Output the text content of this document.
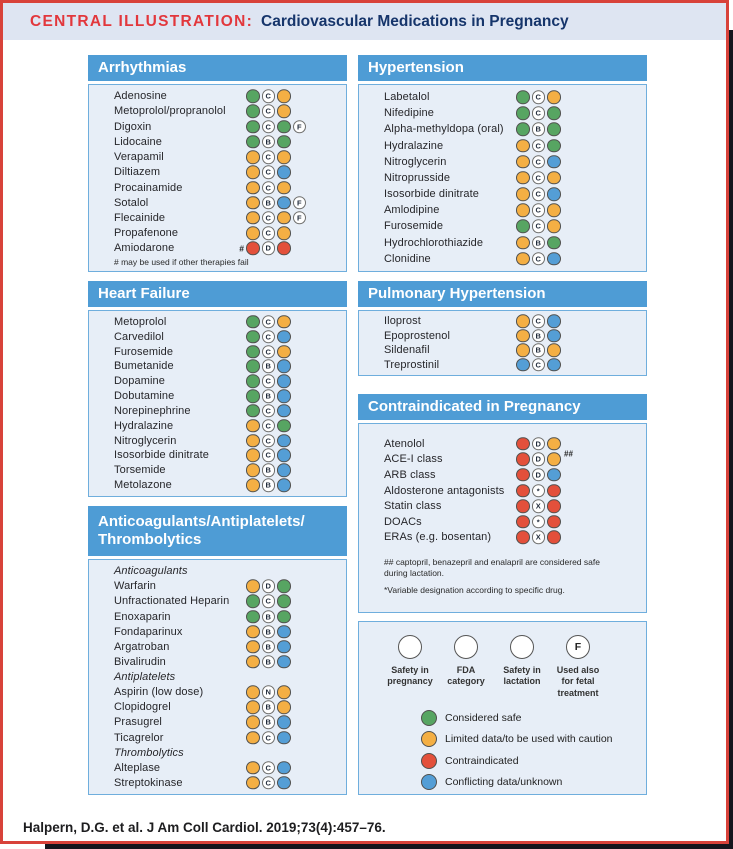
CENTRAL ILLUSTRATION: Cardiovascular Medications in Pregnancy
Arrhythmias
Adenosine	C
Metoprolol/propranolol	C
Digoxin	C	F
Lidocaine	B
Verapamil	C
Diltiazem	C
Procainamide	C
Sotalol	B	F
Flecainide	C	F
Propafenone	C
Amiodarone	#	D
# may be used if other therapies fail
Heart Failure
Metoprolol	C
Carvedilol	C
Furosemide	C
Bumetanide	B
Dopamine	C
Dobutamine	B
Norepinephrine	C
Hydralazine	C
Nitroglycerin	C
Isosorbide dinitrate	C
Torsemide	B
Metolazone	B
Anticoagulants/Antiplatelets/
Thrombolytics
Anticoagulants
Warfarin	D
Unfractionated Heparin	C
Enoxaparin	B
Fondaparinux	B
Argatroban	B
Bivalirudin	B
Antiplatelets
Aspirin (low dose)	N
Clopidogrel	B
Prasugrel	B
Ticagrelor	C
Thrombolytics
Alteplase	C
Streptokinase	C
Hypertension
Labetalol	C
Nifedipine	C
Alpha-methyldopa (oral)	B
Hydralazine	C
Nitroglycerin	C
Nitroprusside	C
Isosorbide dinitrate	C
Amlodipine	C
Furosemide	C
Hydrochlorothiazide	B
Clonidine	C
Pulmonary Hypertension
Iloprost	C
Epoprostenol	B
Sildenafil	B
Treprostinil	C
Contraindicated in Pregnancy
Atenolol	D
ACE-I class	D
##
ARB class	D
Aldosterone antagonists	*
Statin class	X
DOACs	*
ERAs (e.g. bosentan)	X

## captopril, benazepril and enalapril are considered safe during lactation.

*Variable designation according to specific drug.

Safety in pregnancy
FDA category
Safety in lactation
F
Used also for fetal treatment
Considered safe
Limited data/to be used with caution
Contraindicated
Conflicting data/unknown
Halpern, D.G. et al. J Am Coll Cardiol. 2019;73(4):457–76.
